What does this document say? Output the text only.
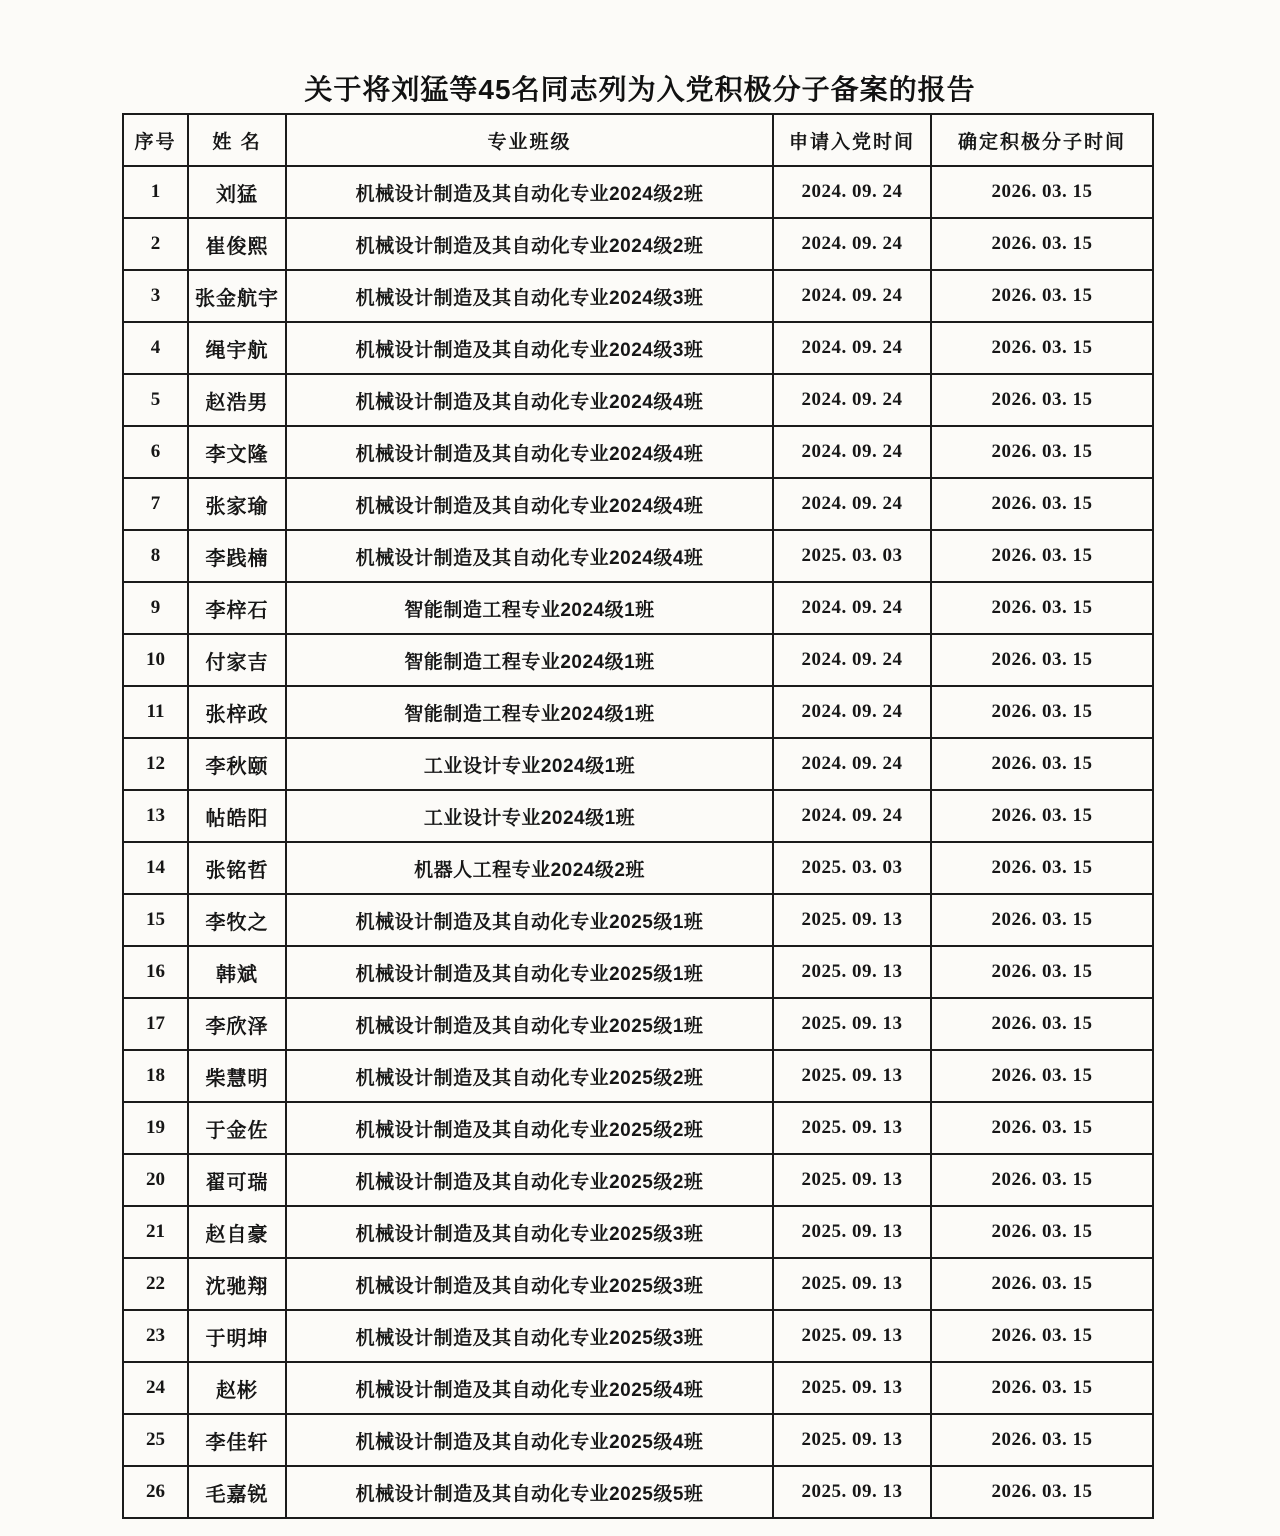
关于将刘猛等45名同志列为入党积极分子备案的报告
序号	姓 名	专业班级	申请入党时间	确定积极分子时间
1	刘猛	机械设计制造及其自动化专业2024级2班	2024. 09. 24	2026. 03. 15
2	崔俊熙	机械设计制造及其自动化专业2024级2班	2024. 09. 24	2026. 03. 15
3	张金航宇	机械设计制造及其自动化专业2024级3班	2024. 09. 24	2026. 03. 15
4	绳宇航	机械设计制造及其自动化专业2024级3班	2024. 09. 24	2026. 03. 15
5	赵浩男	机械设计制造及其自动化专业2024级4班	2024. 09. 24	2026. 03. 15
6	李文隆	机械设计制造及其自动化专业2024级4班	2024. 09. 24	2026. 03. 15
7	张家瑜	机械设计制造及其自动化专业2024级4班	2024. 09. 24	2026. 03. 15
8	李践楠	机械设计制造及其自动化专业2024级4班	2025. 03. 03	2026. 03. 15
9	李梓石	智能制造工程专业2024级1班	2024. 09. 24	2026. 03. 15
10	付家吉	智能制造工程专业2024级1班	2024. 09. 24	2026. 03. 15
11	张梓政	智能制造工程专业2024级1班	2024. 09. 24	2026. 03. 15
12	李秋颐	工业设计专业2024级1班	2024. 09. 24	2026. 03. 15
13	帖皓阳	工业设计专业2024级1班	2024. 09. 24	2026. 03. 15
14	张铭哲	机器人工程专业2024级2班	2025. 03. 03	2026. 03. 15
15	李牧之	机械设计制造及其自动化专业2025级1班	2025. 09. 13	2026. 03. 15
16	韩斌	机械设计制造及其自动化专业2025级1班	2025. 09. 13	2026. 03. 15
17	李欣泽	机械设计制造及其自动化专业2025级1班	2025. 09. 13	2026. 03. 15
18	柴慧明	机械设计制造及其自动化专业2025级2班	2025. 09. 13	2026. 03. 15
19	于金佐	机械设计制造及其自动化专业2025级2班	2025. 09. 13	2026. 03. 15
20	翟可瑞	机械设计制造及其自动化专业2025级2班	2025. 09. 13	2026. 03. 15
21	赵自豪	机械设计制造及其自动化专业2025级3班	2025. 09. 13	2026. 03. 15
22	沈驰翔	机械设计制造及其自动化专业2025级3班	2025. 09. 13	2026. 03. 15
23	于明坤	机械设计制造及其自动化专业2025级3班	2025. 09. 13	2026. 03. 15
24	赵彬	机械设计制造及其自动化专业2025级4班	2025. 09. 13	2026. 03. 15
25	李佳轩	机械设计制造及其自动化专业2025级4班	2025. 09. 13	2026. 03. 15
26	毛嘉锐	机械设计制造及其自动化专业2025级5班	2025. 09. 13	2026. 03. 15
